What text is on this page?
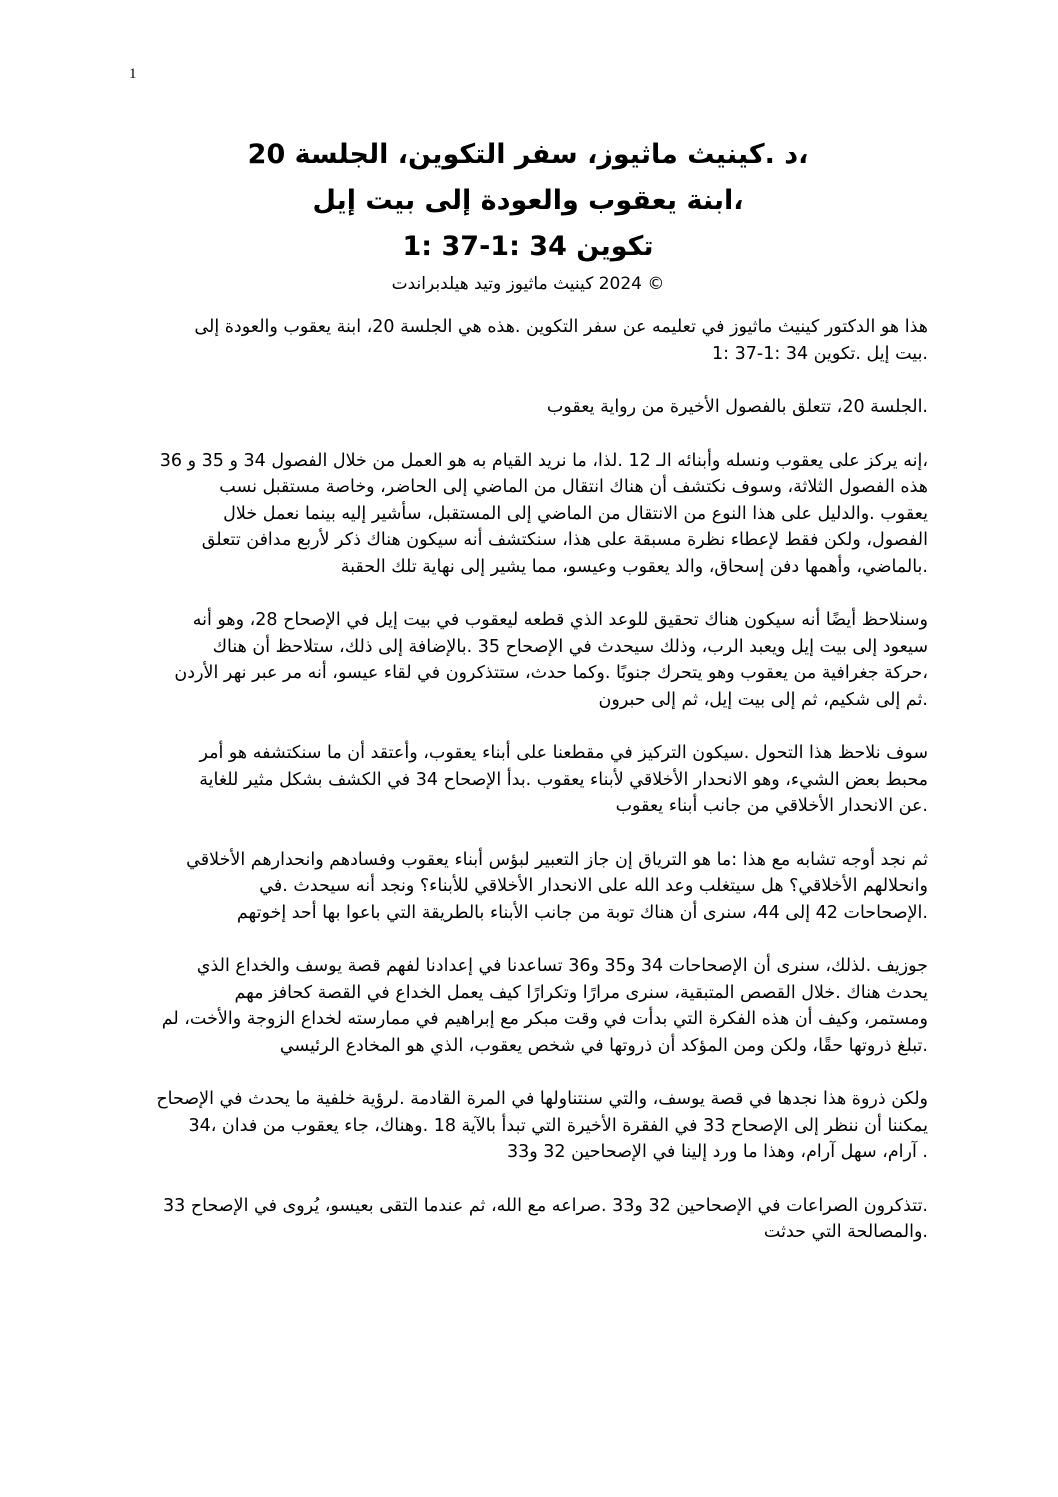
1
،د .كينيث ماثيوز، سفر التكوين، الجلسة 20
،ابنة يعقوب والعودة إلى بيت إيل
تكوين 34 :1-37 :1
© 2024 كينيث ماثيوز وتيد هيلدبراندت
هذا هو الدكتور كينيث ماثيوز في تعليمه عن سفر التكوين .هذه هي الجلسة 20، ابنة يعقوب والعودة إلى
.بيت إيل .تكوين 34 :1-37 :1
.الجلسة 20، تتعلق بالفصول الأخيرة من رواية يعقوب
،إنه يركز على يعقوب ونسله وأبنائه الـ 12 .لذا، ما نريد القيام به هو العمل من خلال الفصول 34 و 35 و 36
هذه الفصول الثلاثة، وسوف نكتشف أن هناك انتقال من الماضي إلى الحاضر، وخاصة مستقبل نسب
يعقوب .والدليل على هذا النوع من الانتقال من الماضي إلى المستقبل، سأشير إليه بينما نعمل خلال
الفصول، ولكن فقط لإعطاء نظرة مسبقة على هذا، سنكتشف أنه سيكون هناك ذكر لأربع مدافن تتعلق
.بالماضي، وأهمها دفن إسحاق، والد يعقوب وعيسو، مما يشير إلى نهاية تلك الحقبة
وسنلاحظ أيضًا أنه سيكون هناك تحقيق للوعد الذي قطعه ليعقوب في بيت إيل في الإصحاح 28، وهو أنه
سيعود إلى بيت إيل ويعبد الرب، وذلك سيحدث في الإصحاح 35 .بالإضافة إلى ذلك، ستلاحظ أن هناك
،حركة جغرافية من يعقوب وهو يتحرك جنوبًا .وكما حدث، ستتذكرون في لقاء عيسو، أنه مر عبر نهر الأردن
.ثم إلى شكيم، ثم إلى بيت إيل، ثم إلى حبرون
سوف نلاحظ هذا التحول .سيكون التركيز في مقطعنا على أبناء يعقوب، وأعتقد أن ما سنكتشفه هو أمر
محبط بعض الشيء، وهو الانحدار الأخلاقي لأبناء يعقوب .بدأ الإصحاح 34 في الكشف بشكل مثير للغاية
.عن الانحدار الأخلاقي من جانب أبناء يعقوب
ثم نجد أوجه تشابه مع هذا :ما هو الترياق إن جاز التعبير لبؤس أبناء يعقوب وفسادهم وانحدارهم الأخلاقي
وانحلالهم الأخلاقي؟ هل سيتغلب وعد الله على الانحدار الأخلاقي للأبناء؟ ونجد أنه سيحدث .في
.الإصحاحات 42 إلى 44، سنرى أن هناك توبة من جانب الأبناء بالطريقة التي باعوا بها أحد إخوتهم
جوزيف .لذلك، سنرى أن الإصحاحات 34 و35 و36 تساعدنا في إعدادنا لفهم قصة يوسف والخداع الذي
يحدث هناك .خلال القصص المتبقية، سنرى مرارًا وتكرارًا كيف يعمل الخداع في القصة كحافز مهم
ومستمر، وكيف أن هذه الفكرة التي بدأت في وقت مبكر مع إبراهيم في ممارسته لخداع الزوجة والأخت، لم
.تبلغ ذروتها حقًا، ولكن ومن المؤكد أن ذروتها في شخص يعقوب، الذي هو المخادع الرئيسي
ولكن ذروة هذا نجدها في قصة يوسف، والتي سنتناولها في المرة القادمة .لرؤية خلفية ما يحدث في الإصحاح
يمكننا أن ننظر إلى الإصحاح 33 في الفقرة الأخيرة التي تبدأ بالآية 18 .وهناك، جاء يعقوب من فدان ،34
. آرام، سهل آرام، وهذا ما ورد إلينا في الإصحاحين 32 و33
.تتذكرون الصراعات في الإصحاحين 32 و33 .صراعه مع الله، ثم عندما التقى بعيسو، يُروى في الإصحاح 33
.والمصالحة التي حدثت
